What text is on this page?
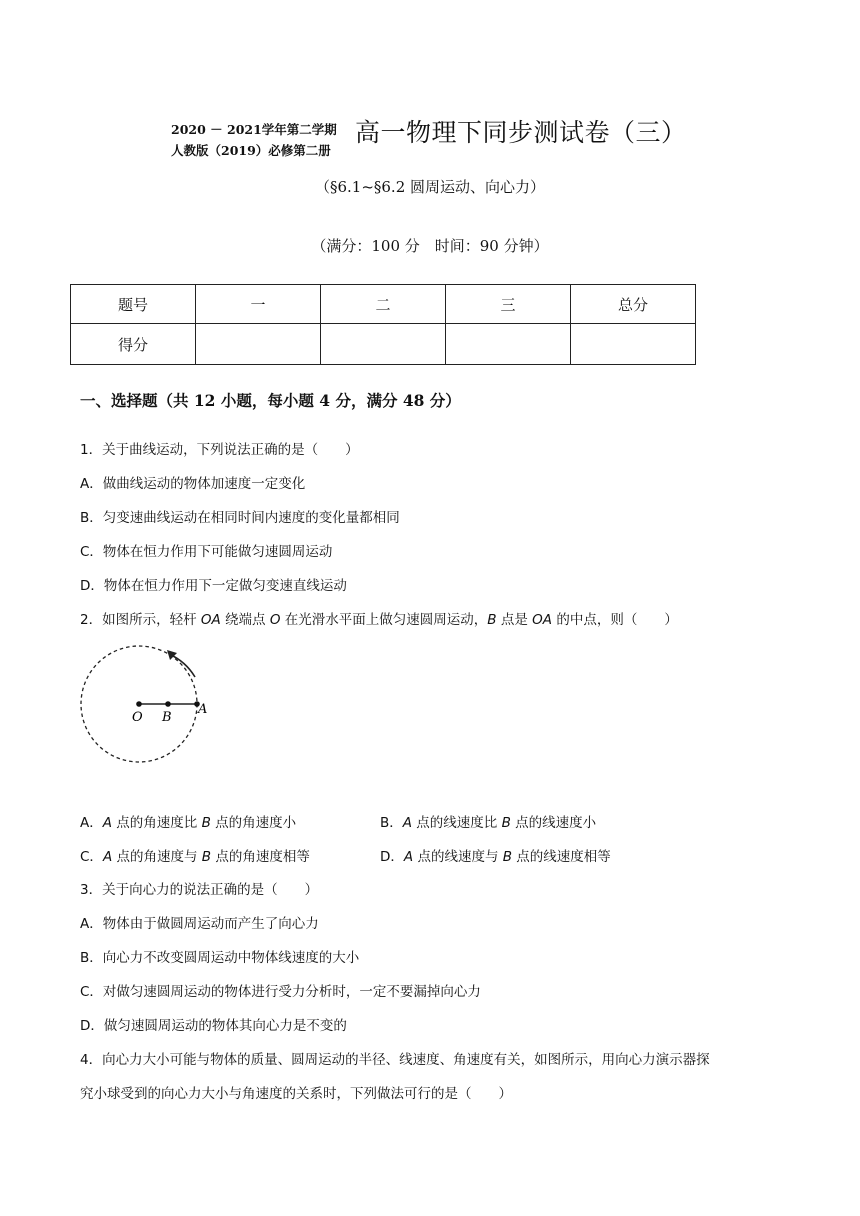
2020 － 2021学年第二学期
人教版（2019）必修第二册
高一物理下同步测试卷（三）
（§6.1~§6.2 圆周运动、向心力）
（满分：100 分　时间：90 分钟）
题号	一	二	三	总分
得分				
一、选择题（共 12 小题，每小题 4 分，满分 48 分）
1．关于曲线运动，下列说法正确的是（　　）
A．做曲线运动的物体加速度一定变化
B．匀变速曲线运动在相同时间内速度的变化量都相同
C．物体在恒力作用下可能做匀速圆周运动
D．物体在恒力作用下一定做匀变速直线运动
2．如图所示，轻杆 OA 绕端点 O 在光滑水平面上做匀速圆周运动，B 点是 OA 的中点，则（　　）
O B
A
A．A 点的角速度比 B 点的角速度小	B．A 点的线速度比 B 点的线速度小
C．A 点的角速度与 B 点的角速度相等	D．A 点的线速度与 B 点的线速度相等
3．关于向心力的说法正确的是（　　）
A．物体由于做圆周运动而产生了向心力
B．向心力不改变圆周运动中物体线速度的大小
C．对做匀速圆周运动的物体进行受力分析时，一定不要漏掉向心力
D．做匀速圆周运动的物体其向心力是不变的
4．向心力大小可能与物体的质量、圆周运动的半径、线速度、角速度有关，如图所示，用向心力演示器探
究小球受到的向心力大小与角速度的关系时，下列做法可行的是（　　）
